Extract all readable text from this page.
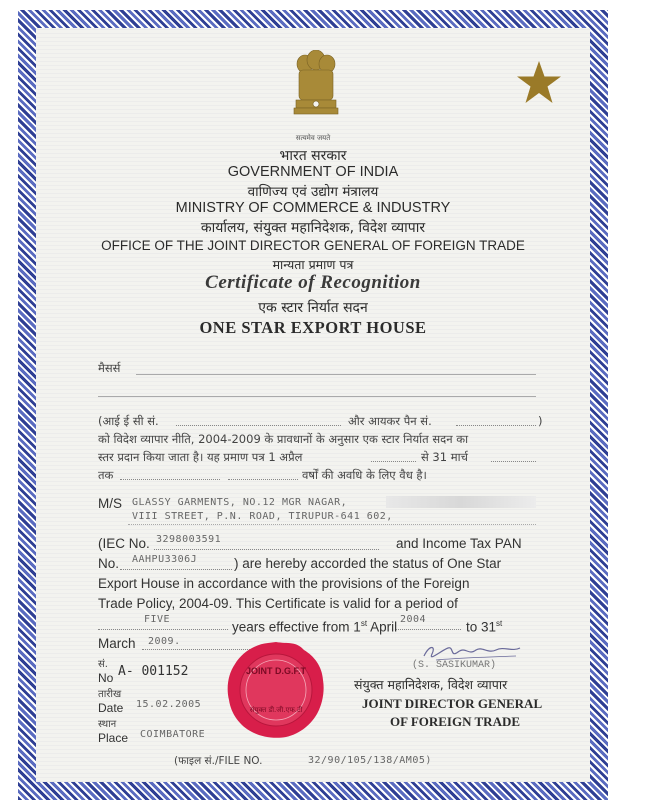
सत्यमेव जयते
भारत सरकार
GOVERNMENT OF INDIA
वाणिज्य एवं उद्योग मंत्रालय
MINISTRY OF COMMERCE & INDUSTRY
कार्यालय, संयुक्त महानिदेशक, विदेश व्यापार
OFFICE OF THE JOINT DIRECTOR GENERAL OF FOREIGN TRADE
मान्यता प्रमाण पत्र
Certificate of Recognition
एक स्टार निर्यात सदन
ONE STAR EXPORT HOUSE
मैसर्स
(आई ई सी सं.	और आयकर पैन सं.	)
को विदेश व्यापार नीति, 2004-2009 के प्रावधानों के अनुसार एक स्टार निर्यात सदन का
स्तर प्रदान किया जाता है। यह प्रमाण पत्र 1 अप्रैल	से 31 मार्च
तक	वर्षों की अवधि के लिए वैध है।
M/S GLASSY GARMENTS, NO.12 MGR NAGAR,
VIII STREET, P.N. ROAD, TIRUPUR-641 602,
(IEC No. 3298003591	and Income Tax PAN
No. AAHPU3306J	) are hereby accorded the status of One Star
Export House in accordance with the provisions of the Foreign
Trade Policy, 2004-09. This Certificate is valid for a period of
FIVE	years effective from 1st April 2004	to 31st
March 2009.
सं.
No A- 001152
तारीख
Date 15.02.2005
स्थान
Place COIMBATORE
JOINT D.G.F.T
संयुक्त डी.जी.एफ.टी
(S. SASIKUMAR)
संयुक्त महानिदेशक, विदेश व्यापार
JOINT DIRECTOR GENERAL
OF FOREIGN TRADE
(फाइल सं./FILE NO.	32/90/105/138/AM05)
